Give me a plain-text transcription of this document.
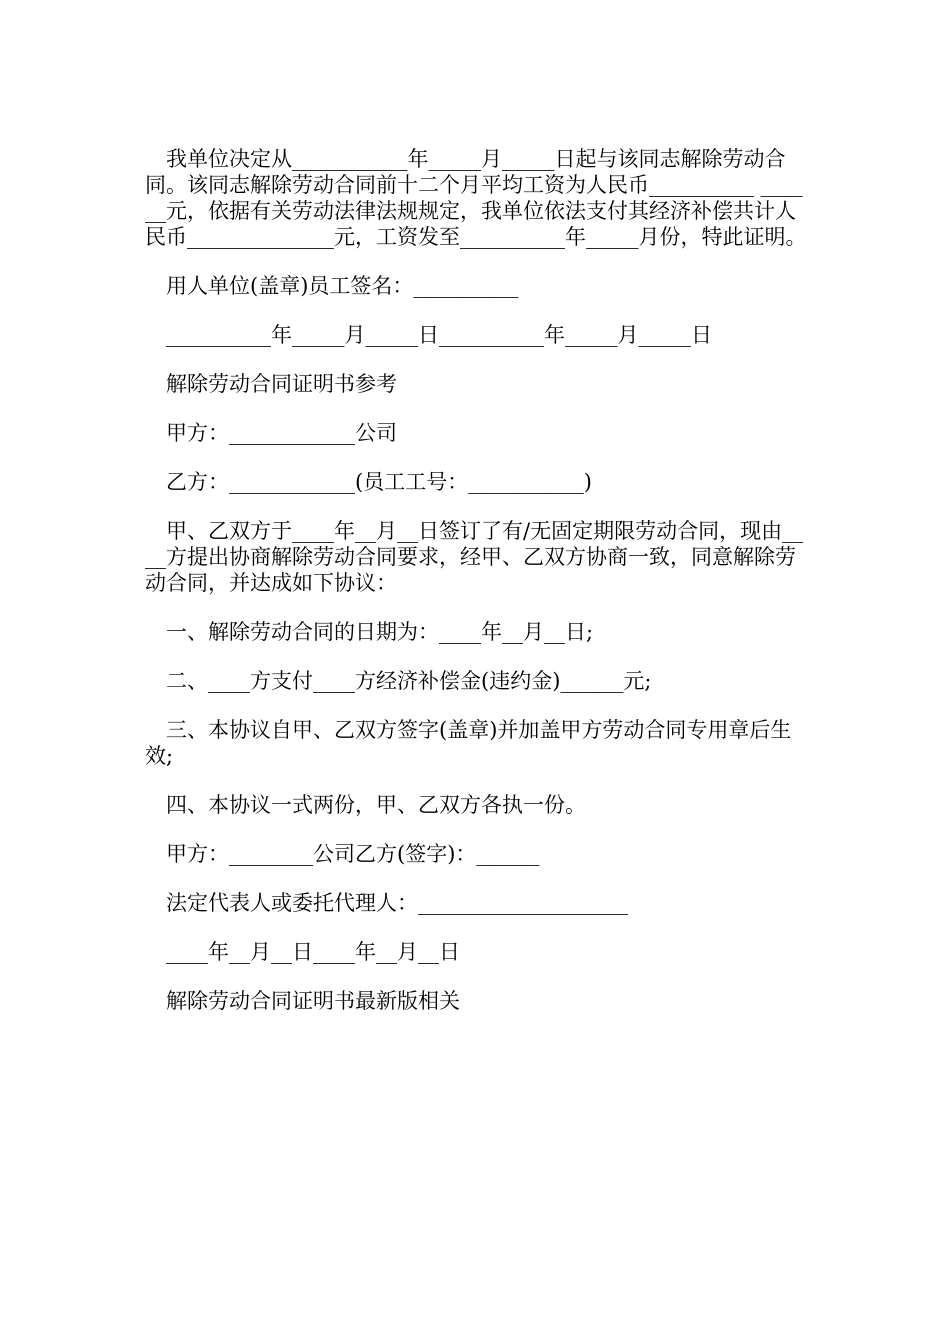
我单位决定从___________年_____月_____日起与该同志解除劳动合同。该同志解除劳动合同前十二个月平均工资为人民币__________ ______元，依据有关劳动法律法规规定，我单位依法支付其经济补偿共计人民币______________元，工资发至__________年_____月份，特此证明。

用人单位(盖章)员工签名：__________

__________年_____月_____日__________年_____月_____日

解除劳动合同证明书参考

甲方：____________公司

乙方：____________(员工工号：___________)

甲、乙双方于____年__月__日签订了有/无固定期限劳动合同，现由____方提出协商解除劳动合同要求，经甲、乙双方协商一致，同意解除劳动合同，并达成如下协议：

一、解除劳动合同的日期为：____年__月__日;

二、____方支付____方经济补偿金(违约金)______元;

三、本协议自甲、乙双方签字(盖章)并加盖甲方劳动合同专用章后生效;

四、本协议一式两份，甲、乙双方各执一份。

甲方：________公司乙方(签字)：______

法定代表人或委托代理人：____________________

____年__月__日____年__月__日

解除劳动合同证明书最新版相关
